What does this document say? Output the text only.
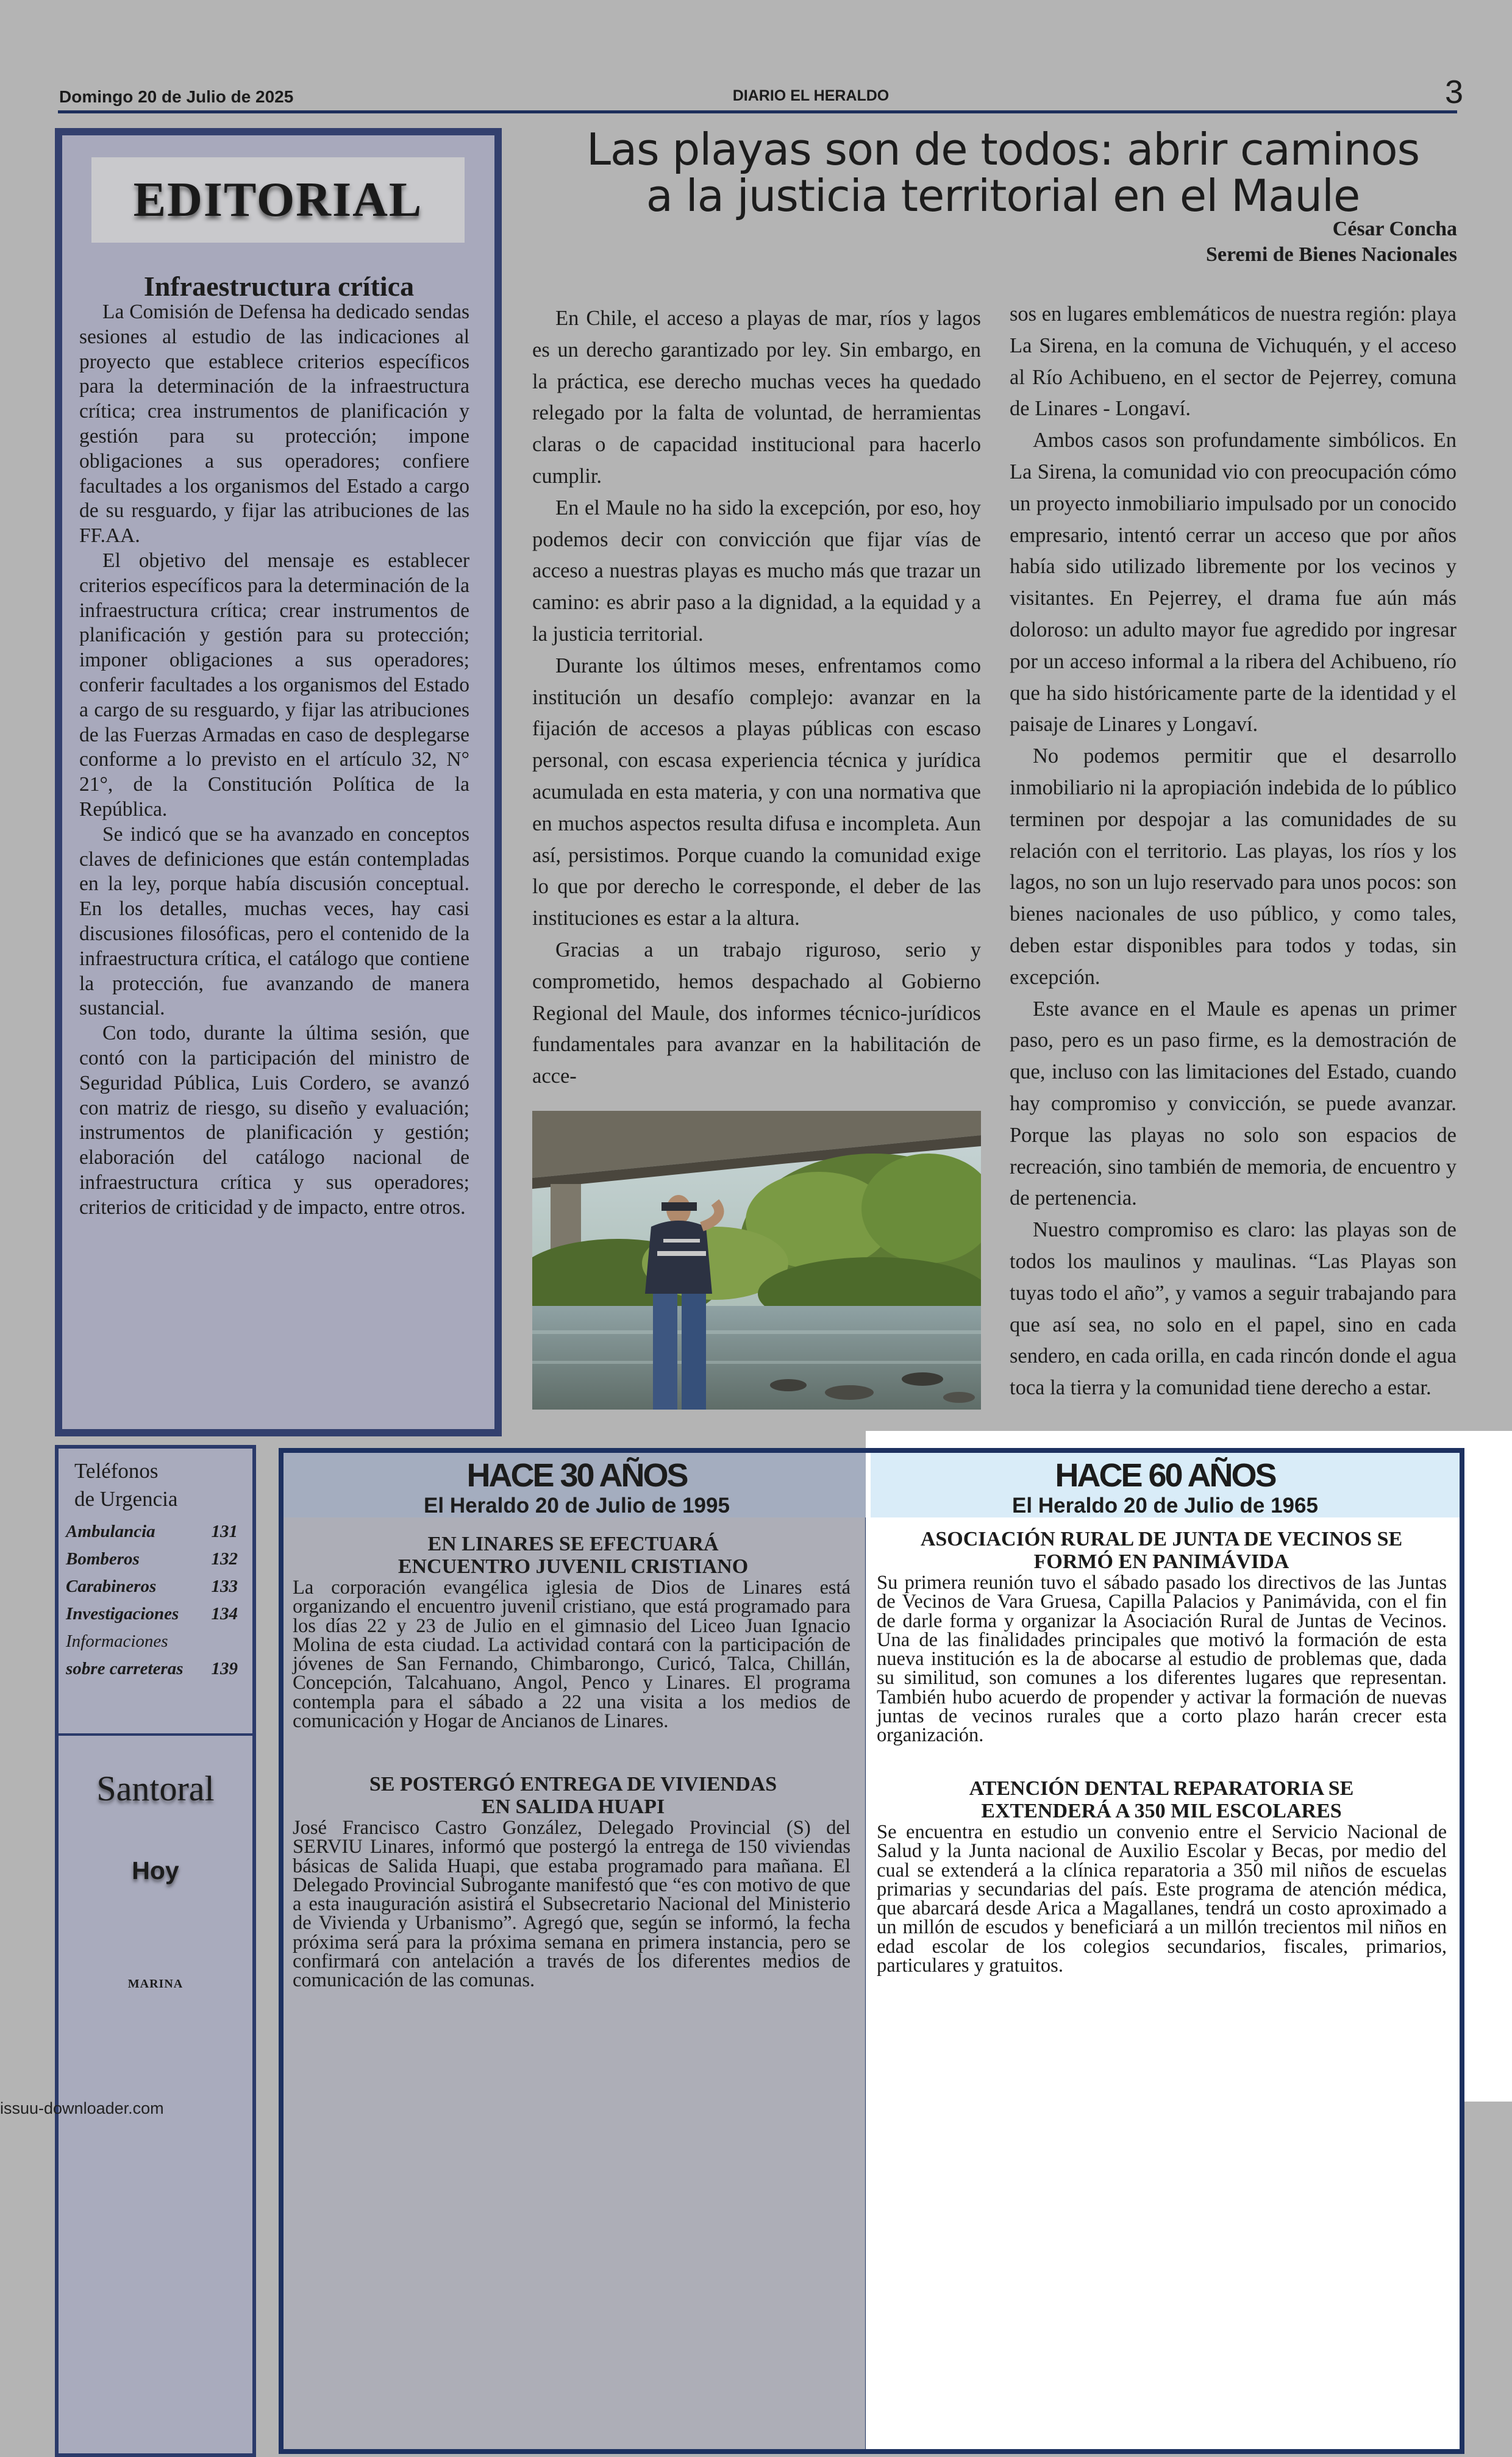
Domingo 20 de Julio de 2025	DIARIO EL HERALDO	3
EDITORIAL
Infraestructura crítica

La Comisión de Defensa ha dedicado sendas sesiones al estudio de las indicaciones al proyecto que establece criterios específicos para la determinación de la infraestructura crítica; crea instrumentos de planificación y gestión para su protección; impone obligaciones a sus operadores; confiere facultades a los organismos del Estado a cargo de su resguardo, y fijar las atribuciones de las FF.AA.

El objetivo del mensaje es establecer criterios específicos para la determinación de la infraestructura crítica; crear instrumentos de planificación y gestión para su protección; imponer obligaciones a sus operadores; conferir facultades a los organismos del Estado a cargo de su resguardo, y fijar las atribuciones de las Fuerzas Armadas en caso de desplegarse conforme a lo previsto en el artículo 32, N° 21°, de la Constitución Política de la República.

Se indicó que se ha avanzado en conceptos claves de definiciones que están contempladas en la ley, porque había discusión conceptual. En los detalles, muchas veces, hay casi discusiones filosóficas, pero el contenido de la infraestructura crítica, el catálogo que contiene la protección, fue avanzando de manera sustancial.

Con todo, durante la última sesión, que contó con la participación del ministro de Seguridad Pública, Luis Cordero, se avanzó con matriz de riesgo, su diseño y evaluación; instrumentos de planificación y gestión; elaboración del catálogo nacional de infraestructura crítica y sus operadores; criterios de criticidad y de impacto, entre otros.

Las playas son de todos: abrir caminos
a la justicia territorial en el Maule
César Concha
Seremi de Bienes Nacionales

En Chile, el acceso a playas de mar, ríos y lagos es un derecho garantizado por ley. Sin embargo, en la práctica, ese derecho muchas veces ha quedado relegado por la falta de voluntad, de herramientas claras o de capacidad institucional para hacerlo cumplir.

En el Maule no ha sido la excepción, por eso, hoy podemos decir con convicción que fijar vías de acceso a nuestras playas es mucho más que trazar un camino: es abrir paso a la dignidad, a la equidad y a la justicia territorial.

Durante los últimos meses, enfrentamos como institución un desafío complejo: avanzar en la fijación de accesos a playas públicas con escaso personal, con escasa experiencia técnica y jurídica acumulada en esta materia, y con una normativa que en muchos aspectos resulta difusa e incompleta. Aun así, persistimos. Porque cuando la comunidad exige lo que por derecho le corresponde, el deber de las instituciones es estar a la altura.

Gracias a un trabajo riguroso, serio y comprometido, hemos despachado al Gobierno Regional del Maule, dos informes técnico-jurídicos fundamentales para avanzar en la habilitación de acce-

sos en lugares emblemáticos de nuestra región: playa La Sirena, en la comuna de Vichuquén, y el acceso al Río Achibueno, en el sector de Pejerrey, comuna de Linares - Longaví.

Ambos casos son profundamente simbólicos. En La Sirena, la comunidad vio con preocupación cómo un proyecto inmobiliario impulsado por un conocido empresario, intentó cerrar un acceso que por años había sido utilizado libremente por los vecinos y visitantes. En Pejerrey, el drama fue aún más doloroso: un adulto mayor fue agredido por ingresar por un acceso informal a la ribera del Achibueno, río que ha sido históricamente parte de la identidad y el paisaje de Linares y Longaví.

No podemos permitir que el desarrollo inmobiliario ni la apropiación indebida de lo público terminen por despojar a las comunidades de su relación con el territorio. Las playas, los ríos y los lagos, no son un lujo reservado para unos pocos: son bienes nacionales de uso público, y como tales, deben estar disponibles para todos y todas, sin excepción.

Este avance en el Maule es apenas un primer paso, pero es un paso firme, es la demostración de que, incluso con las limitaciones del Estado, cuando hay compromiso y convicción, se puede avanzar. Porque las playas no solo son espacios de recreación, sino también de memoria, de encuentro y de pertenencia.

Nuestro compromiso es claro: las playas son de todos los maulinos y maulinas. “Las Playas son tuyas todo el año”, y vamos a seguir trabajando para que así sea, no solo en el papel, sino en cada sendero, en cada orilla, en cada rincón donde el agua toca la tierra y la comunidad tiene derecho a estar.

Teléfonos
de Urgencia
Ambulancia	131
Bomberos	132
Carabineros	133
Investigaciones 134
Informaciones
sobre carreteras 139
Santoral
Hoy
MARINA
HACE 30 AÑOS
El Heraldo 20 de Julio de 1995
EN LINARES SE EFECTUARÁ
ENCUENTRO JUVENIL CRISTIANO

La corporación evangélica iglesia de Dios de Linares está organizando el encuentro juvenil cristiano, que está programado para los días 22 y 23 de Julio en el gimnasio del Liceo Juan Ignacio Molina de esta ciudad. La actividad contará con la participación de jóvenes de San Fernando, Chimbarongo, Curicó, Talca, Chillán, Concepción, Talcahuano, Angol, Penco y Linares. El programa contempla para el sábado a 22 una visita a los medios de comunicación y Hogar de Ancianos de Linares.

SE POSTERGÓ ENTREGA DE VIVIENDAS
EN SALIDA HUAPI

José Francisco Castro González, Delegado Provincial (S) del SERVIU Linares, informó que postergó la entrega de 150 viviendas básicas de Salida Huapi, que estaba programado para mañana. El Delegado Provincial Subrogante manifestó que “es con motivo de que a esta inauguración asistirá el Subsecretario Nacional del Ministerio de Vivienda y Urbanismo”. Agregó que, según se informó, la fecha próxima será para la próxima semana en primera instancia, pero se confirmará con antelación a través de los diferentes medios de comunicación de las comunas.

HACE 60 AÑOS
El Heraldo 20 de Julio de 1965
ASOCIACIÓN RURAL DE JUNTA DE VECINOS SE
FORMÓ EN PANIMÁVIDA

Su primera reunión tuvo el sábado pasado los directivos de las Juntas de Vecinos de Vara Gruesa, Capilla Palacios y Panimávida, con el fin de darle forma y organizar la Asociación Rural de Juntas de Vecinos. Una de las finalidades principales que motivó la formación de esta nueva institución es la de abocarse al estudio de problemas que, dada su similitud, son comunes a los diferentes lugares que representan. También hubo acuerdo de propender y activar la formación de nuevas juntas de vecinos rurales que a corto plazo harán crecer esta organización.

ATENCIÓN DENTAL REPARATORIA SE
EXTENDERÁ A 350 MIL ESCOLARES

Se encuentra en estudio un convenio entre el Servicio Nacional de Salud y la Junta nacional de Auxilio Escolar y Becas, por medio del cual se extenderá a la clínica reparatoria a 350 mil niños de escuelas primarias y secundarias del país. Este programa de atención médica, que abarcará desde Arica a Magallanes, tendrá un costo aproximado a un millón de escudos y beneficiará a un millón trecientos mil niños en edad escolar de los colegios secundarios, fiscales, primarios, particulares y gratuitos.

issuu-downloader.com
